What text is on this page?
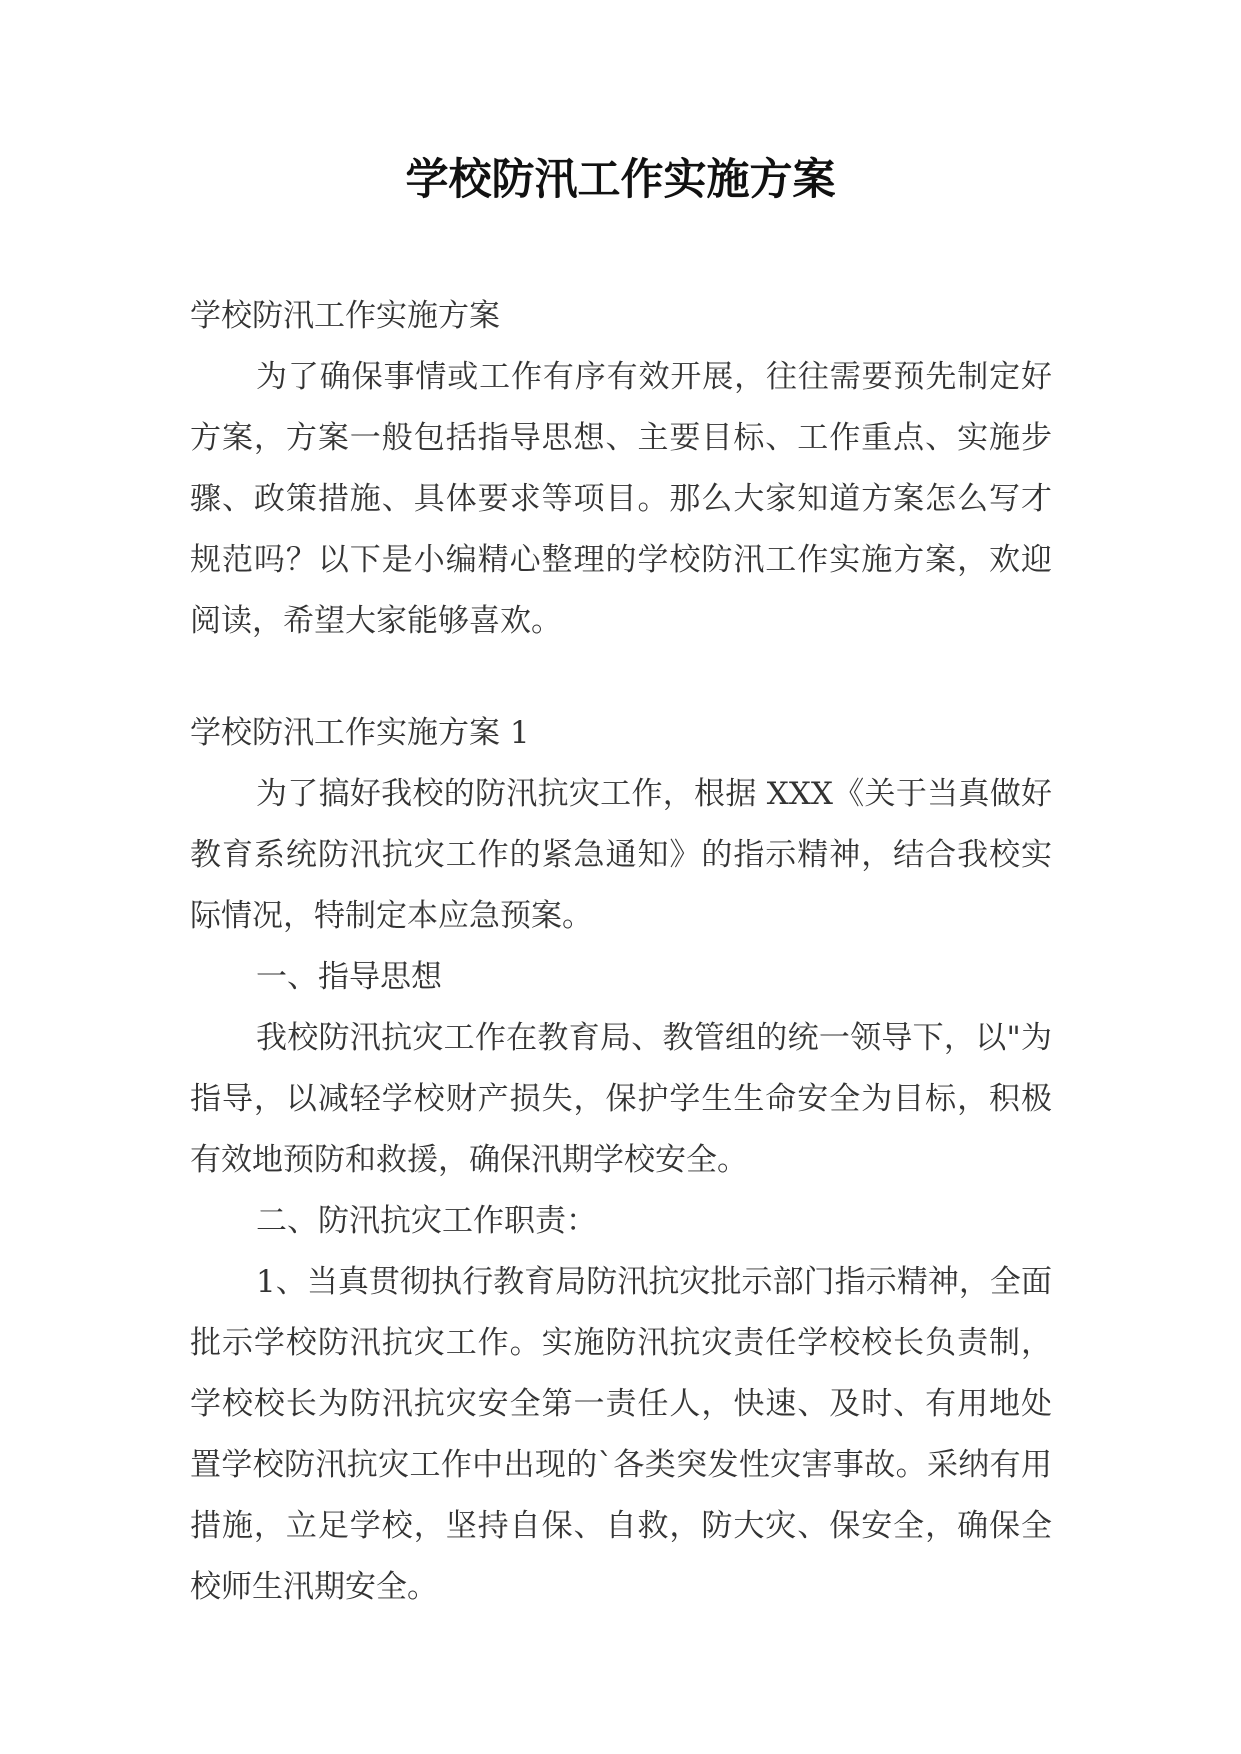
学校防汛工作实施方案

学校防汛工作实施方案

为了确保事情或工作有序有效开展，往往需要预先制定好方案，方案一般包括指导思想、主要目标、工作重点、实施步骤、政策措施、具体要求等项目。那么大家知道方案怎么写才规范吗？以下是小编精心整理的学校防汛工作实施方案，欢迎阅读，希望大家能够喜欢。

学校防汛工作实施方案 1

为了搞好我校的防汛抗灾工作，根据 XXX《关于当真做好教育系统防汛抗灾工作的紧急通知》的指示精神，结合我校实际情况，特制定本应急预案。

一、指导思想

我校防汛抗灾工作在教育局、教管组的统一领导下，以"为指导，以减轻学校财产损失，保护学生生命安全为目标，积极有效地预防和救援，确保汛期学校安全。

二、防汛抗灾工作职责：

1、当真贯彻执行教育局防汛抗灾批示部门指示精神，全面批示学校防汛抗灾工作。实施防汛抗灾责任学校校长负责制，学校校长为防汛抗灾安全第一责任人，快速、及时、有用地处置学校防汛抗灾工作中出现的`各类突发性灾害事故。采纳有用措施，立足学校，坚持自保、自救，防大灾、保安全，确保全校师生汛期安全。
